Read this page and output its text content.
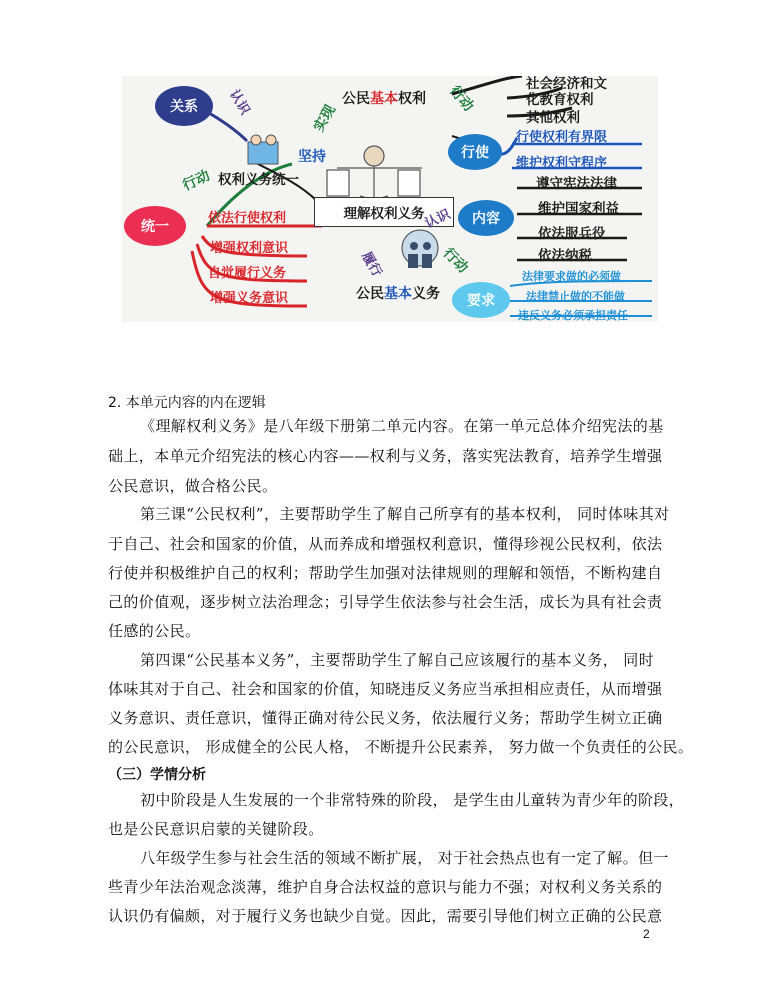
社会经济和文
化教育权利
其他权利
公民基本权利
关系	认识	实现
行动
行使
行使权利有界限
维护权利守程序
坚持
权利义务统一
行动
统一
理解权利义务
依法行使权利
增强权利意识
自觉履行义务
增强义务意识
遵守宪法法律
维护国家利益
依法服兵役
依法纳税
内容
认识
履行	行动
公民基本义务	要求
法律要求做的必须做
法律禁止做的不能做
违反义务必须承担责任
2. 本单元内容的内在逻辑
《理解权利义务》是八年级下册第二单元内容。在第一单元总体介绍宪法的基
础上，本单元介绍宪法的核心内容——权利与义务，落实宪法教育，培养学生增强
公民意识，做合格公民。
第三课“公民权利”，主要帮助学生了解自己所享有的基本权利， 同时体味其对
于自己、社会和国家的价值，从而养成和增强权利意识，懂得珍视公民权利，依法
行使并积极维护自己的权利；帮助学生加强对法律规则的理解和领悟，不断构建自
己的价值观，逐步树立法治理念；引导学生依法参与社会生活，成长为具有社会责
任感的公民。
第四课“公民基本义务”，主要帮助学生了解自己应该履行的基本义务， 同时
体味其对于自己、社会和国家的价值，知晓违反义务应当承担相应责任，从而增强
义务意识、责任意识，懂得正确对待公民义务，依法履行义务；帮助学生树立正确
的公民意识， 形成健全的公民人格， 不断提升公民素养， 努力做一个负责任的公民。
（三）学情分析
初中阶段是人生发展的一个非常特殊的阶段， 是学生由儿童转为青少年的阶段，
也是公民意识启蒙的关键阶段。
八年级学生参与社会生活的领域不断扩展， 对于社会热点也有一定了解。但一
些青少年法治观念淡薄，维护自身合法权益的意识与能力不强；对权利义务关系的
认识仍有偏颇，对于履行义务也缺少自觉。因此，需要引导他们树立正确的公民意
2
